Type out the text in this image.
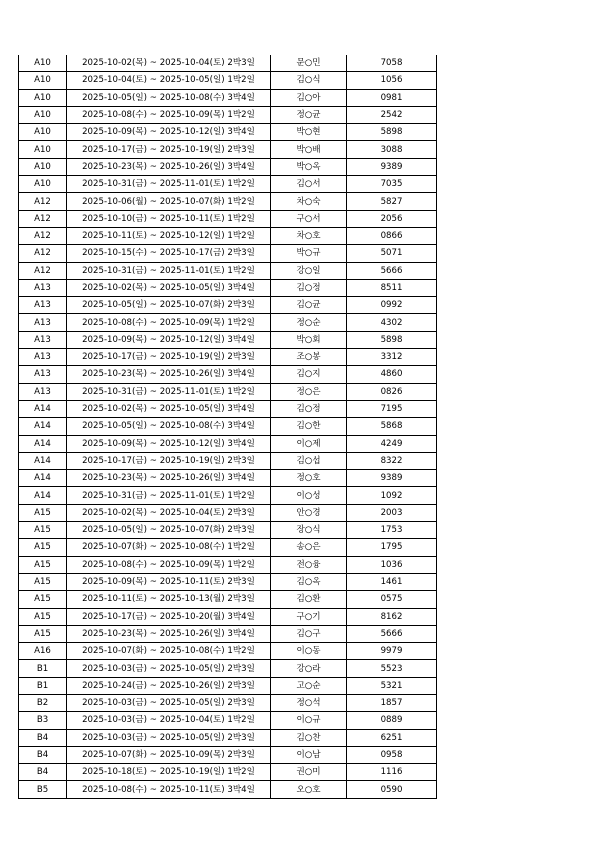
A10	2025-10-02(목) ~ 2025-10-04(토) 2박3일	문○민	7058
A10	2025-10-04(토) ~ 2025-10-05(일) 1박2일	김○식	1056
A10	2025-10-05(일) ~ 2025-10-08(수) 3박4일	김○아	0981
A10	2025-10-08(수) ~ 2025-10-09(목) 1박2일	정○균	2542
A10	2025-10-09(목) ~ 2025-10-12(일) 3박4일	박○현	5898
A10	2025-10-17(금) ~ 2025-10-19(일) 2박3일	박○배	3088
A10	2025-10-23(목) ~ 2025-10-26(일) 3박4일	박○옥	9389
A10	2025-10-31(금) ~ 2025-11-01(토) 1박2일	김○서	7035
A12	2025-10-06(월) ~ 2025-10-07(화) 1박2일	차○숙	5827
A12	2025-10-10(금) ~ 2025-10-11(토) 1박2일	구○서	2056
A12	2025-10-11(토) ~ 2025-10-12(일) 1박2일	차○호	0866
A12	2025-10-15(수) ~ 2025-10-17(금) 2박3일	박○규	5071
A12	2025-10-31(금) ~ 2025-11-01(토) 1박2일	강○일	5666
A13	2025-10-02(목) ~ 2025-10-05(일) 3박4일	김○정	8511
A13	2025-10-05(일) ~ 2025-10-07(화) 2박3일	김○균	0992
A13	2025-10-08(수) ~ 2025-10-09(목) 1박2일	정○순	4302
A13	2025-10-09(목) ~ 2025-10-12(일) 3박4일	박○회	5898
A13	2025-10-17(금) ~ 2025-10-19(일) 2박3일	조○봉	3312
A13	2025-10-23(목) ~ 2025-10-26(일) 3박4일	김○지	4860
A13	2025-10-31(금) ~ 2025-11-01(토) 1박2일	정○은	0826
A14	2025-10-02(목) ~ 2025-10-05(일) 3박4일	김○정	7195
A14	2025-10-05(일) ~ 2025-10-08(수) 3박4일	김○한	5868
A14	2025-10-09(목) ~ 2025-10-12(일) 3박4일	이○제	4249
A14	2025-10-17(금) ~ 2025-10-19(일) 2박3일	김○섭	8322
A14	2025-10-23(목) ~ 2025-10-26(일) 3박4일	정○호	9389
A14	2025-10-31(금) ~ 2025-11-01(토) 1박2일	이○성	1092
A15	2025-10-02(목) ~ 2025-10-04(토) 2박3일	안○경	2003
A15	2025-10-05(일) ~ 2025-10-07(화) 2박3일	장○식	1753
A15	2025-10-07(화) ~ 2025-10-08(수) 1박2일	송○은	1795
A15	2025-10-08(수) ~ 2025-10-09(목) 1박2일	전○융	1036
A15	2025-10-09(목) ~ 2025-10-11(토) 2박3일	김○옥	1461
A15	2025-10-11(토) ~ 2025-10-13(월) 2박3일	김○환	0575
A15	2025-10-17(금) ~ 2025-10-20(월) 3박4일	구○기	8162
A15	2025-10-23(목) ~ 2025-10-26(일) 3박4일	김○구	5666
A16	2025-10-07(화) ~ 2025-10-08(수) 1박2일	이○동	9979
B1	2025-10-03(금) ~ 2025-10-05(일) 2박3일	강○라	5523
B1	2025-10-24(금) ~ 2025-10-26(일) 2박3일	고○순	5321
B2	2025-10-03(금) ~ 2025-10-05(일) 2박3일	정○석	1857
B3	2025-10-03(금) ~ 2025-10-04(토) 1박2일	이○규	0889
B4	2025-10-03(금) ~ 2025-10-05(일) 2박3일	김○찬	6251
B4	2025-10-07(화) ~ 2025-10-09(목) 2박3일	이○남	0958
B4	2025-10-18(토) ~ 2025-10-19(일) 1박2일	권○미	1116
B5	2025-10-08(수) ~ 2025-10-11(토) 3박4일	오○호	0590
